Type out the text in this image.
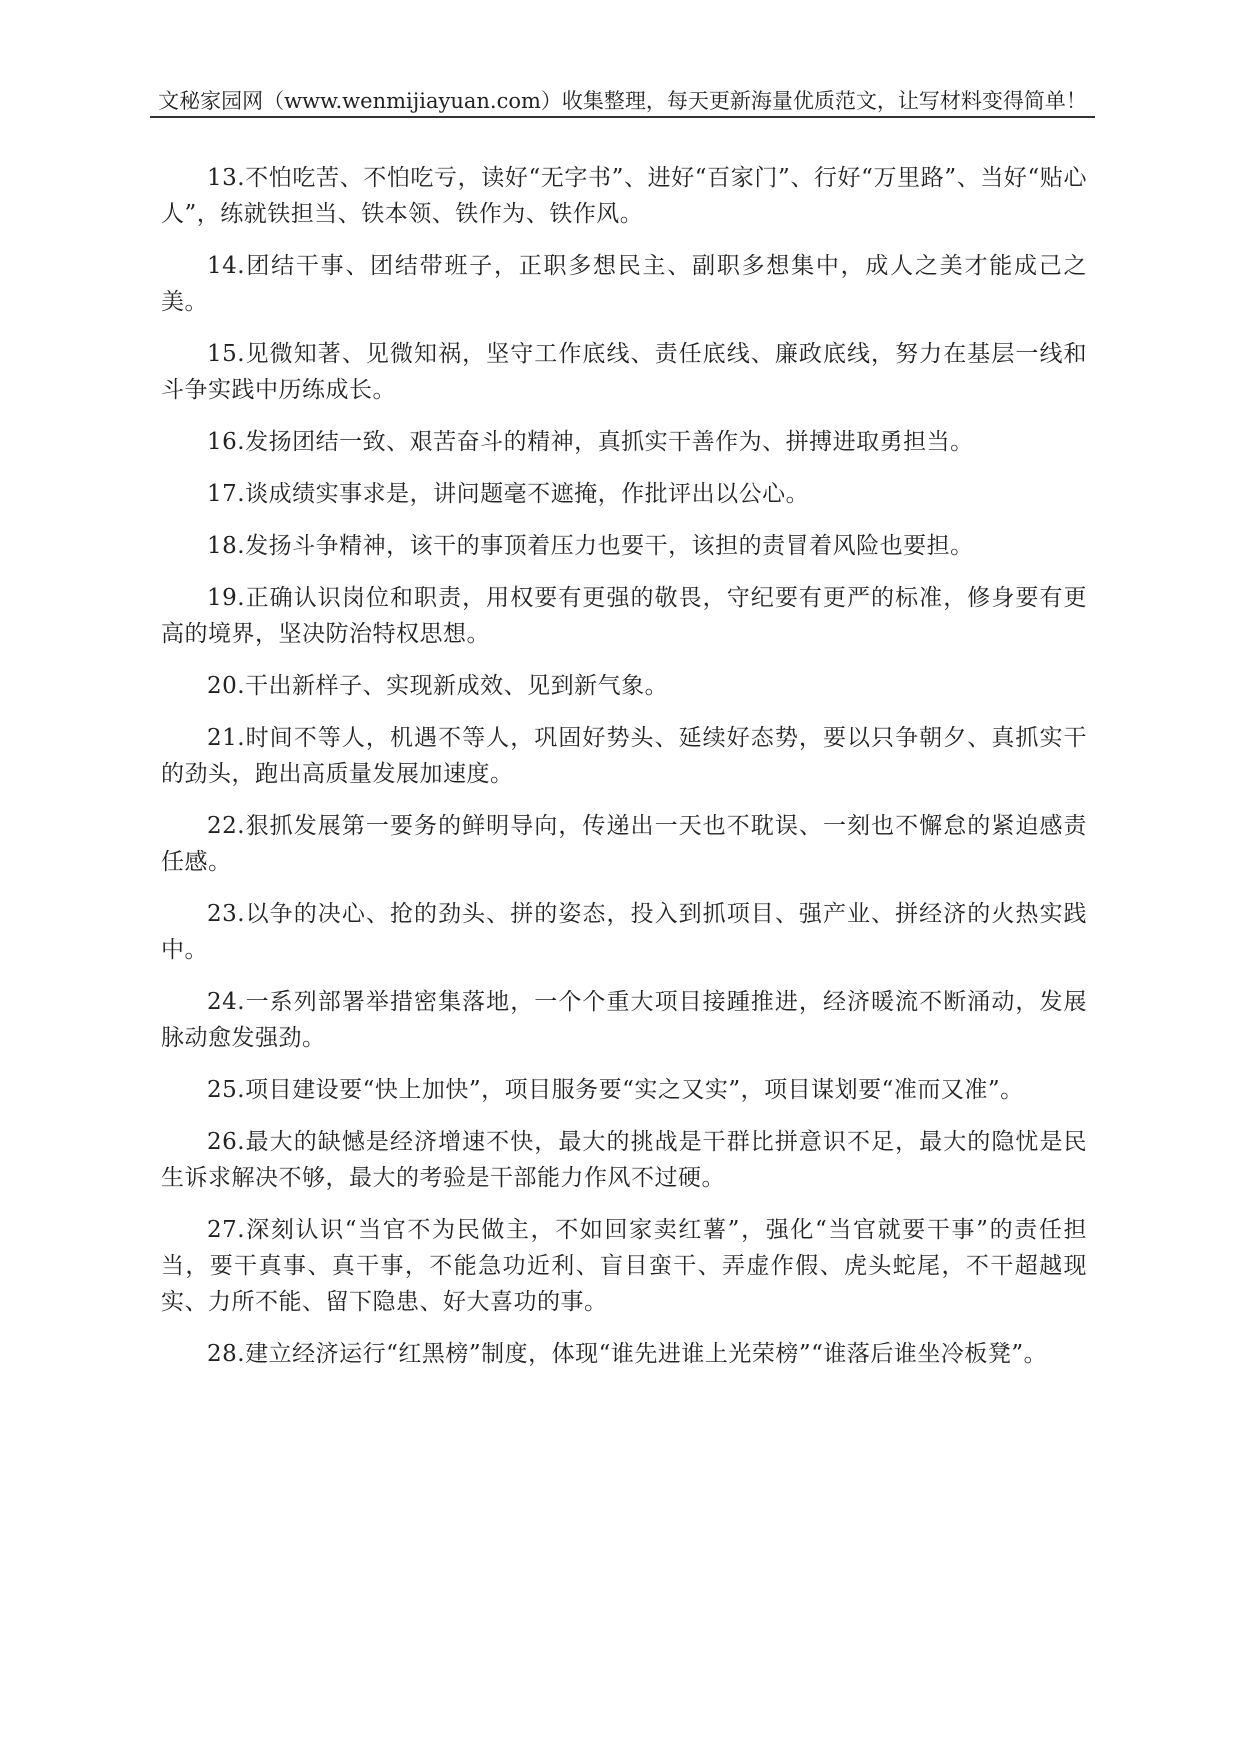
文秘家园网（www.wenmijiayuan.com）收集整理，每天更新海量优质范文，让写材料变得简单！

13.不怕吃苦、不怕吃亏，读好“无字书”、进好“百家门”、行好“万里路”、当好“贴心人”，练就铁担当、铁本领、铁作为、铁作风。

14.团结干事、团结带班子，正职多想民主、副职多想集中，成人之美才能成己之美。

15.见微知著、见微知祸，坚守工作底线、责任底线、廉政底线，努力在基层一线和斗争实践中历练成长。

16.发扬团结一致、艰苦奋斗的精神，真抓实干善作为、拼搏进取勇担当。

17.谈成绩实事求是，讲问题毫不遮掩，作批评出以公心。

18.发扬斗争精神，该干的事顶着压力也要干，该担的责冒着风险也要担。

19.正确认识岗位和职责，用权要有更强的敬畏，守纪要有更严的标准，修身要有更高的境界，坚决防治特权思想。

20.干出新样子、实现新成效、见到新气象。

21.时间不等人，机遇不等人，巩固好势头、延续好态势，要以只争朝夕、真抓实干的劲头，跑出高质量发展加速度。

22.狠抓发展第一要务的鲜明导向，传递出一天也不耽误、一刻也不懈怠的紧迫感责任感。

23.以争的决心、抢的劲头、拼的姿态，投入到抓项目、强产业、拼经济的火热实践中。

24.一系列部署举措密集落地，一个个重大项目接踵推进，经济暖流不断涌动，发展脉动愈发强劲。

25.项目建设要“快上加快”，项目服务要“实之又实”，项目谋划要“准而又准”。

26.最大的缺憾是经济增速不快，最大的挑战是干群比拼意识不足，最大的隐忧是民生诉求解决不够，最大的考验是干部能力作风不过硬。

27.深刻认识“当官不为民做主，不如回家卖红薯”，强化“当官就要干事”的责任担当，要干真事、真干事，不能急功近利、盲目蛮干、弄虚作假、虎头蛇尾，不干超越现实、力所不能、留下隐患、好大喜功的事。

28.建立经济运行“红黑榜”制度，体现“谁先进谁上光荣榜”“谁落后谁坐冷板凳”。
